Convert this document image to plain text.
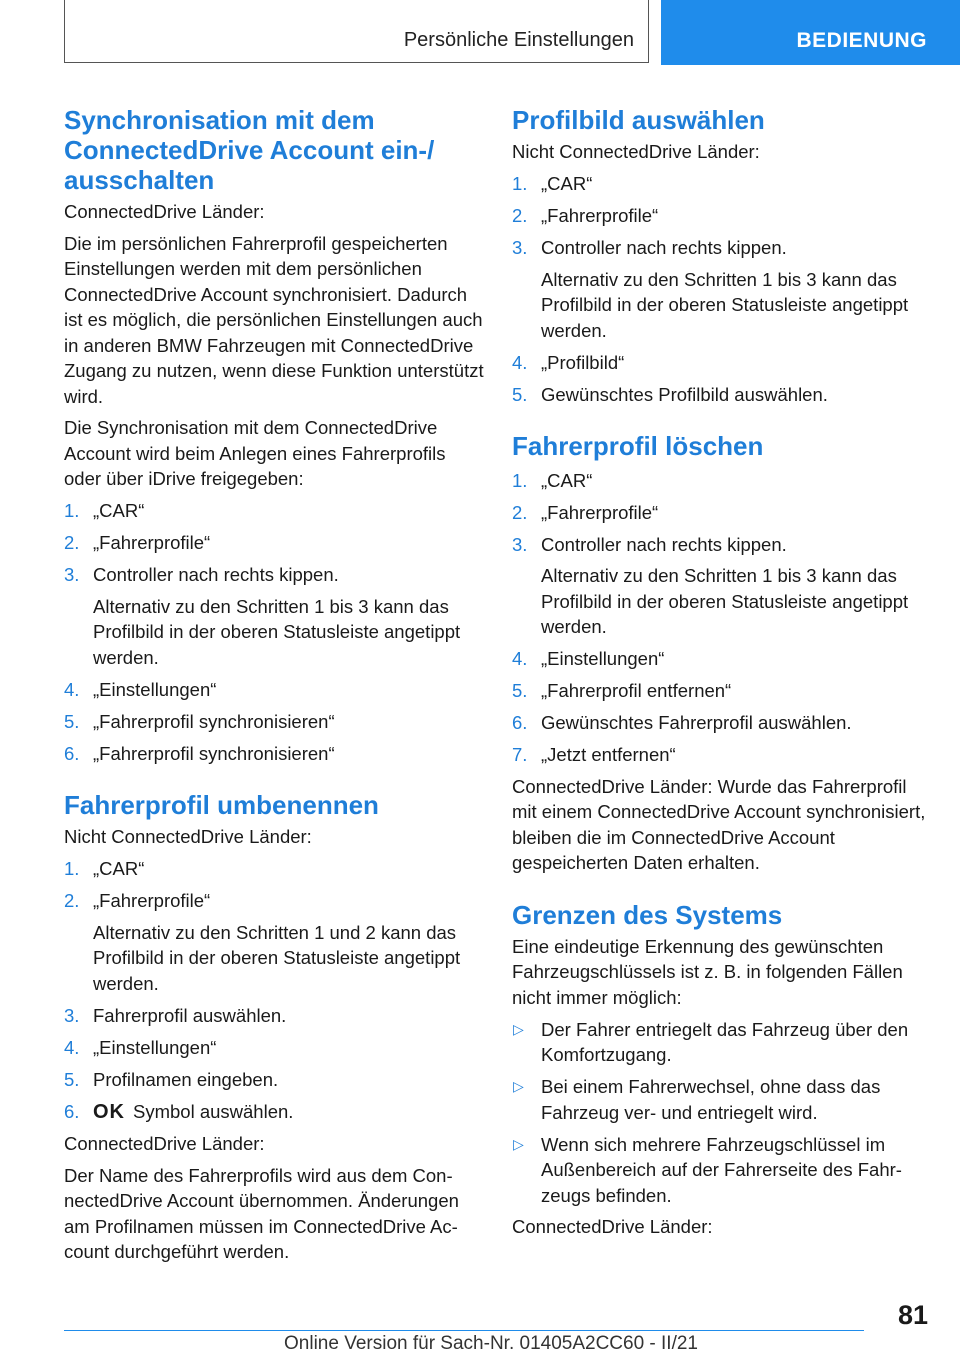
Persönliche Einstellungen	BEDIENUNG
Synchronisation mit dem ConnectedDrive Account ein-/ ausschalten

ConnectedDrive Länder:

Die im persönlichen Fahrerprofil gespeicherten Einstellungen werden mit dem persönlichen ConnectedDrive Account synchronisiert. Dadurch ist es möglich, die persönlichen Einstellungen auch in anderen BMW Fahrzeugen mit ConnectedDrive Zugang zu nutzen, wenn diese Funktion unterstützt wird.

Die Synchronisation mit dem ConnectedDrive Account wird beim Anlegen eines Fahrerprofils oder über iDrive freigegeben:

1. „CAR“
2. „Fahrerprofile“
3. Controller nach rechts kippen.
Alternativ zu den Schritten 1 bis 3 kann das Profilbild in der oberen Statusleiste angetippt werden.
4. „Einstellungen“
5. „Fahrerprofil synchronisieren“
6. „Fahrerprofil synchronisieren“
Fahrerprofil umbenennen

Nicht ConnectedDrive Länder:

1. „CAR“
2. „Fahrerprofile“
Alternativ zu den Schritten 1 und 2 kann das Profilbild in der oberen Statusleiste angetippt werden.
3. Fahrerprofil auswählen.
4. „Einstellungen“
5. Profilnamen eingeben.
6. OK Symbol auswählen.

ConnectedDrive Länder:

Der Name des Fahrerprofils wird aus dem ConnectedDrive Account übernommen. Änderungen am Profilnamen müssen im ConnectedDrive Account durchgeführt werden.

Profilbild auswählen

Nicht ConnectedDrive Länder:

1. „CAR“
2. „Fahrerprofile“
3. Controller nach rechts kippen.
Alternativ zu den Schritten 1 bis 3 kann das Profilbild in der oberen Statusleiste angetippt werden.
4. „Profilbild“
5. Gewünschtes Profilbild auswählen.
Fahrerprofil löschen
1. „CAR“
2. „Fahrerprofile“
3. Controller nach rechts kippen.
Alternativ zu den Schritten 1 bis 3 kann das Profilbild in der oberen Statusleiste angetippt werden.
4. „Einstellungen“
5. „Fahrerprofil entfernen“
6. Gewünschtes Fahrerprofil auswählen.
7. „Jetzt entfernen“

ConnectedDrive Länder: Wurde das Fahrerprofil mit einem ConnectedDrive Account synchronisiert, bleiben die im ConnectedDrive Account gespeicherten Daten erhalten.

Grenzen des Systems

Eine eindeutige Erkennung des gewünschten Fahrzeugschlüssels ist z. B. in folgenden Fällen nicht immer möglich:

▷ Der Fahrer entriegelt das Fahrzeug über den Komfortzugang.
▷ Bei einem Fahrerwechsel, ohne dass das Fahrzeug ver- und entriegelt wird.
▷ Wenn sich mehrere Fahrzeugschlüssel im Außenbereich auf der Fahrerseite des Fahrzeugs befinden.

ConnectedDrive Länder:

81
Online Version für Sach-Nr. 01405A2CC60 - II/21
